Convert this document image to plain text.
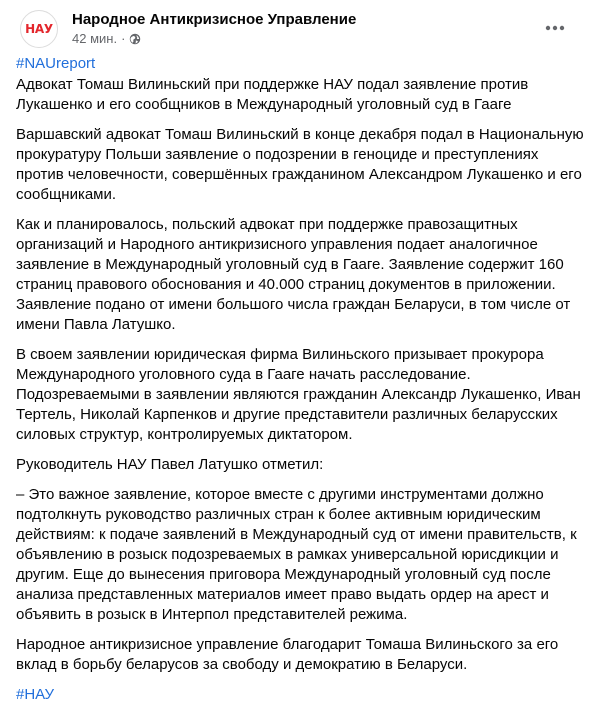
НАУ
Народное Антикризисное Управление
42 мин. ·
#NAUreport

Адвокат Томаш Вилиньский при поддержке НАУ подал заявление против Лукашенко и его сообщников в Международный уголовный суд в Гааге

Варшавский адвокат Томаш Вилиньский в конце декабря подал в Национальную прокуратуру Польши заявление о подозрении в геноциде и преступлениях против человечности, совершённых гражданином Александром Лукашенко и его сообщниками.

Как и планировалось, польский адвокат при поддержке правозащитных организаций и Народного антикризисного управления подает аналогичное заявление в Международный уголовный суд в Гааге. Заявление содержит 160 страниц правового обоснования и 40.000 страниц документов в приложении.

Заявление подано от имени большого числа граждан Беларуси, в том числе от имени Павла Латушко.

В своем заявлении юридическая фирма Вилиньского призывает прокурора Международного уголовного суда в Гааге начать расследование. Подозреваемыми в заявлении являются гражданин Александр Лукашенко, Иван Тертель, Николай Карпенков и другие представители различных беларусских силовых структур, контролируемых диктатором.

Руководитель НАУ Павел Латушко отметил:

– Это важное заявление, которое вместе с другими инструментами должно подтолкнуть руководство различных стран к более активным юридическим действиям: к подаче заявлений в Международный суд от имени правительств, к объявлению в розыск подозреваемых в рамках универсальной юрисдикции и другим. Еще до вынесения приговора Международный уголовный суд после анализа представленных материалов имеет право выдать ордер на арест и объявить в розыск в Интерпол представителей режима.

Народное антикризисное управление благодарит Томаша Вилиньского за его вклад в борьбу беларусов за свободу и демократию в Беларуси.

#НАУ
